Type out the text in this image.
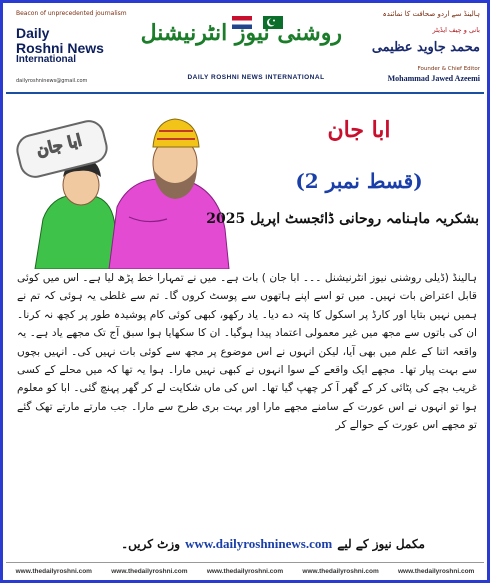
Beacon of unprecedented journalism
Daily
Roshni News
International
dailyroshninews@gmail.com
روشنی نیوز انٹرنیشنل
DAILY ROSHNI NEWS INTERNATIONAL
ہالینڈ سے اردو صحافت کا نمائندہ
بانی و چیف ایڈیٹر
محمد جاوید عظیمی
Founder & Chief Editor
Mohammad Jawed Azeemi
ابا جان
ابا جان
(قسط نمبر 2)
بشکریہ ماہنامہ روحانی ڈائجسٹ اپریل 2025
ہالینڈ (ڈیلی روشنی نیوز انٹرنیشنل ۔۔۔ ابا جان ) بات ہے۔ میں نے تمہارا خط پڑھ لیا ہے۔ اس میں کوئی قابل اعتراض بات نہیں۔ میں تو اسے اپنے ہاتھوں سے پوسٹ کروں گا۔ تم سے غلطی یہ ہوئی کہ تم نے ہمیں نہیں بتایا اور کارڈ پر اسکول کا پتہ دے دیا۔ یاد رکھو، کبھی کوئی کام پوشیدہ طور پر کچھ نہ کرنا۔ ان کی باتوں سے مجھ میں غیر معمولی اعتماد پیدا ہوگیا۔ ان کا سکھایا ہوا سبق آج تک مجھے یاد ہے۔ یہ واقعہ اتنا کے علم میں بھی آیا، لیکن انہوں نے اس موضوع پر مجھ سے کوئی بات نہیں کی۔ انہیں بچوں سے بہت پیار تھا۔ مجھے ایک واقعے کے سوا انہوں نے کبھی نہیں مارا۔ ہوا یہ تھا کہ میں محلے کے کسی غریب بچے کی پٹائی کر کے گھر آ کر چھپ گیا تھا۔ اس کی ماں شکایت لے کر گھر پہنچ گئی۔ ابا کو معلوم ہوا تو انہوں نے اس عورت کے سامنے مجھے مارا اور بہت بری طرح سے مارا۔ جب مارتے مارتے تھک گئے تو مجھے اس عورت کے حوالے کر
مکمل نیوز کے لیے www.dailyroshninews.com وزٹ کریں۔
www.thedailyroshni.com	www.thedailyroshni.com	www.thedailyroshni.com	www.thedailyroshni.com	www.thedailyroshni.com
